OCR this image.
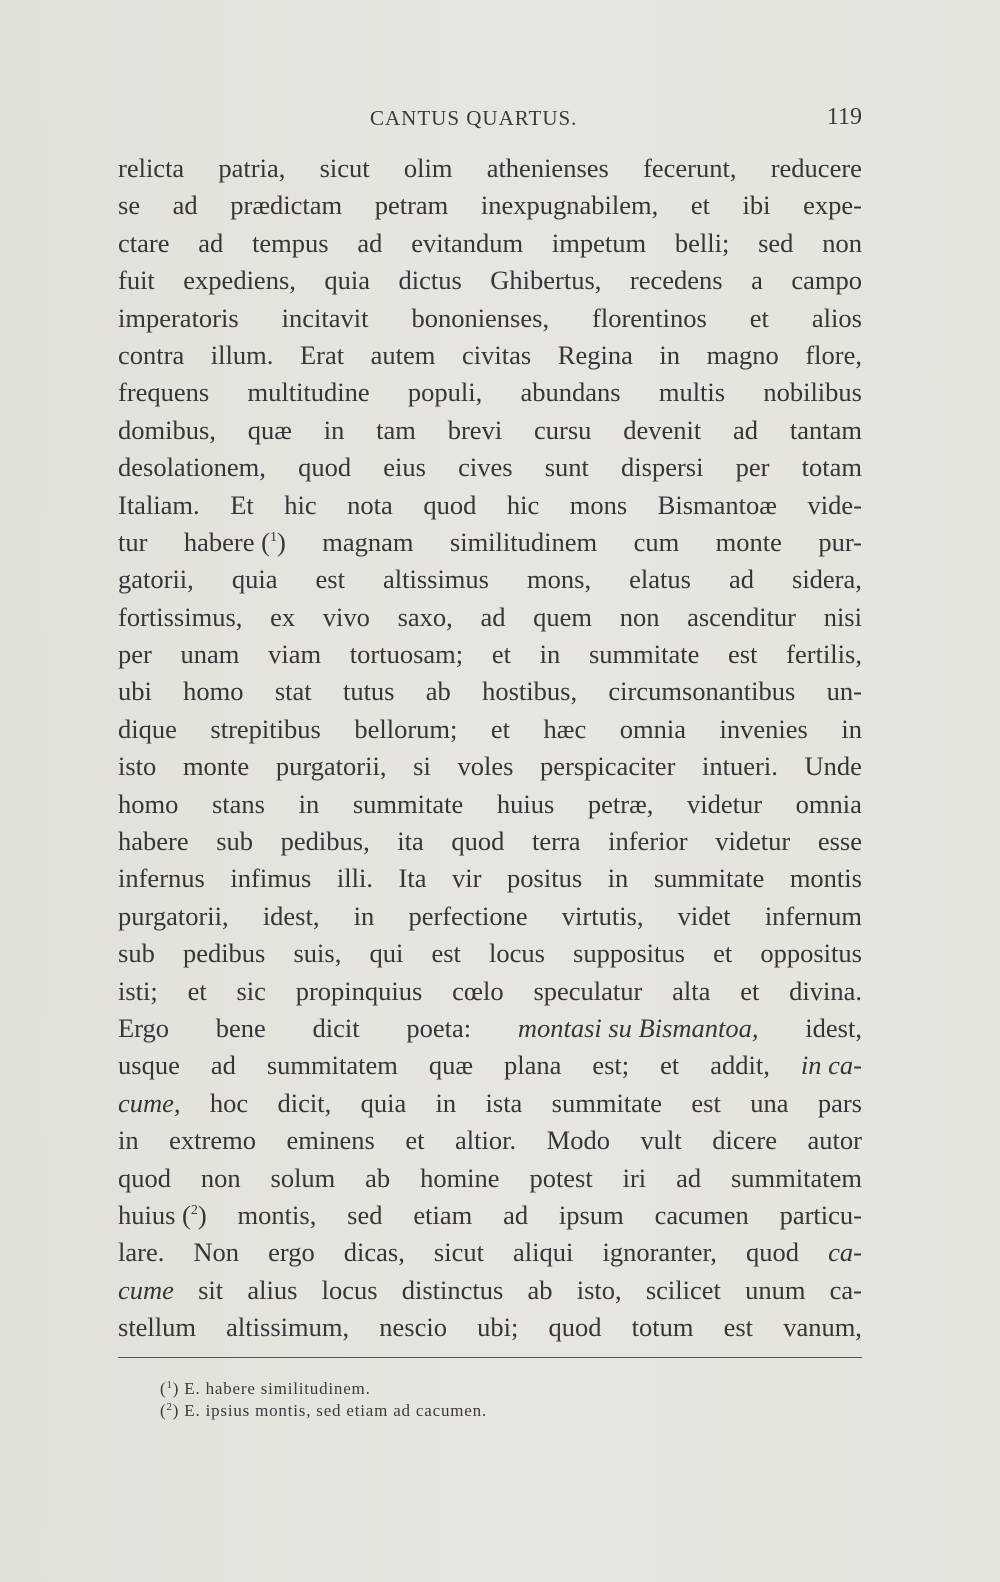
CANTUS QUARTUS.	119
relicta patria, sicut olim athenienses fecerunt, reducere
se ad prædictam petram inexpugnabilem, et ibi expe-
ctare ad tempus ad evitandum impetum belli; sed non
fuit expediens, quia dictus Ghibertus, recedens a campo
imperatoris incitavit bononienses, florentinos et alios
contra illum. Erat autem civitas Regina in magno flore,
frequens multitudine populi, abundans multis nobilibus
domibus, quæ in tam brevi cursu devenit ad tantam
desolationem, quod eius cives sunt dispersi per totam
Italiam. Et hic nota quod hic mons Bismantoæ vide-
tur habere ($^1$) magnam similitudinem cum monte pur-
gatorii, quia est altissimus mons, elatus ad sidera,
fortissimus, ex vivo saxo, ad quem non ascenditur nisi
per unam viam tortuosam; et in summitate est fertilis,
ubi homo stat tutus ab hostibus, circumsonantibus un-
dique strepitibus bellorum; et hæc omnia invenies in
isto monte purgatorii, si voles perspicaciter intueri. Unde
homo stans in summitate huius petræ, videtur omnia
habere sub pedibus, ita quod terra inferior videtur esse
infernus infimus illi. Ita vir positus in summitate montis
purgatorii, idest, in perfectione virtutis, videt infernum
sub pedibus suis, qui est locus suppositus et oppositus
isti; et sic propinquius cœlo speculatur alta et divina.
Ergo bene dicit poeta: montasi su Bismantoa, idest,
usque ad summitatem quæ plana est; et addit, in ca-
cume, hoc dicit, quia in ista summitate est una pars
in extremo eminens et altior. Modo vult dicere autor
quod non solum ab homine potest iri ad summitatem
huius ($^2$) montis, sed etiam ad ipsum cacumen particu-
lare. Non ergo dicas, sicut aliqui ignoranter, quod ca-
cume sit alius locus distinctus ab isto, scilicet unum ca-
stellum altissimum, nescio ubi; quod totum est vanum,
($^1$) E. habere similitudinem.
($^2$) E. ipsius montis, sed etiam ad cacumen.
